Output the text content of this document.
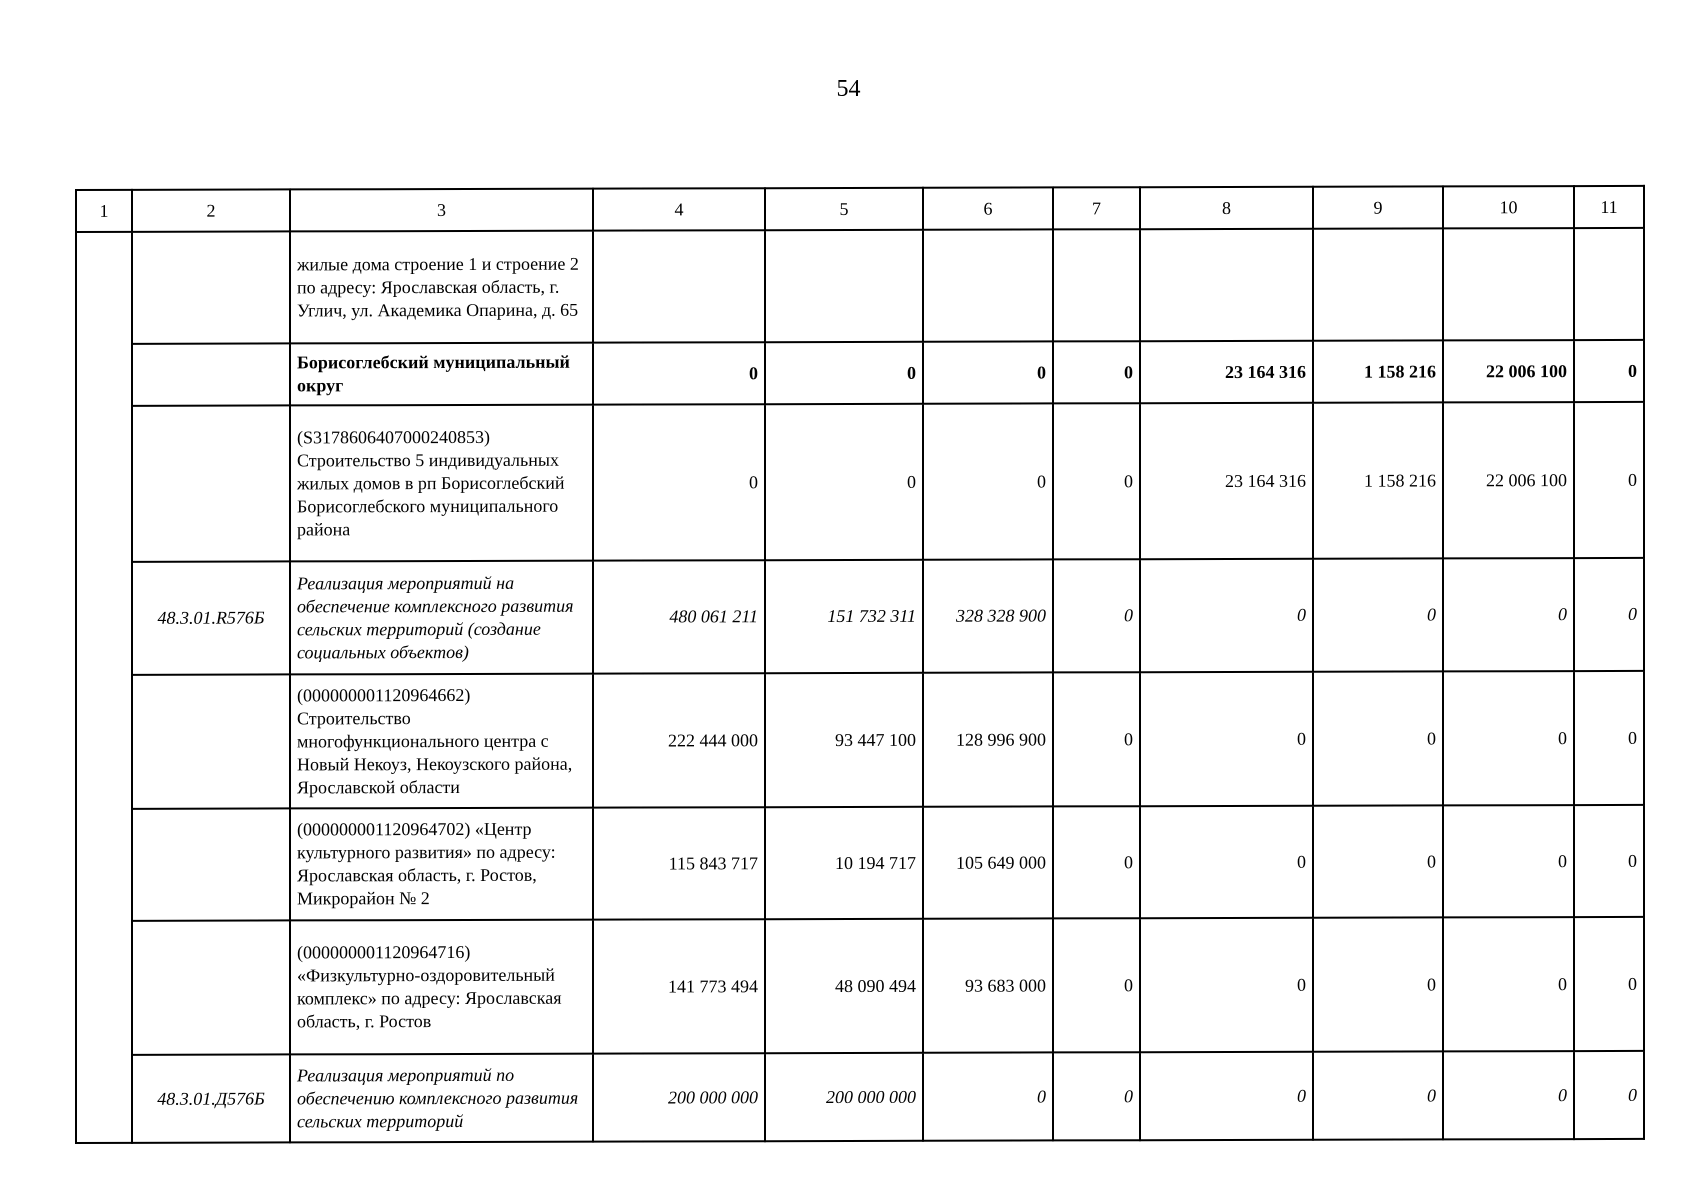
54
1	2	3	4	5	6	7	8	9	10	11
		жилые дома строение 1 и строение 2 по адресу: Ярославская область, г. Углич, ул. Академика Опарина, д. 65								
		Борисоглебский муниципальный округ	0	0	0	0	23 164 316	1 158 216	22 006 100	0
		(S3178606407000240853) Строительство 5 индивидуальных жилых домов в рп Борисоглебский Борисоглебского муниципального района	0	0	0	0	23 164 316	1 158 216	22 006 100	0
	48.3.01.R576Б	Реализация мероприятий на обеспечение комплексного развития сельских территорий (создание социальных объектов)	480 061 211	151 732 311	328 328 900	0	0	0	0	0
		(000000001120964662) Строительство многофункционального центра с Новый Некоуз, Некоузского района, Ярославской области	222 444 000	93 447 100	128 996 900	0	0	0	0	0
		(000000001120964702) «Центр культурного развития» по адресу: Ярославская область, г. Ростов, Микрорайон № 2	115 843 717	10 194 717	105 649 000	0	0	0	0	0
		(000000001120964716) «Физкультурно-оздоровительный комплекс» по адресу: Ярославская область, г. Ростов	141 773 494	48 090 494	93 683 000	0	0	0	0	0
	48.3.01.Д576Б	Реализация мероприятий по обеспечению комплексного развития сельских территорий	200 000 000	200 000 000	0	0	0	0	0	0
